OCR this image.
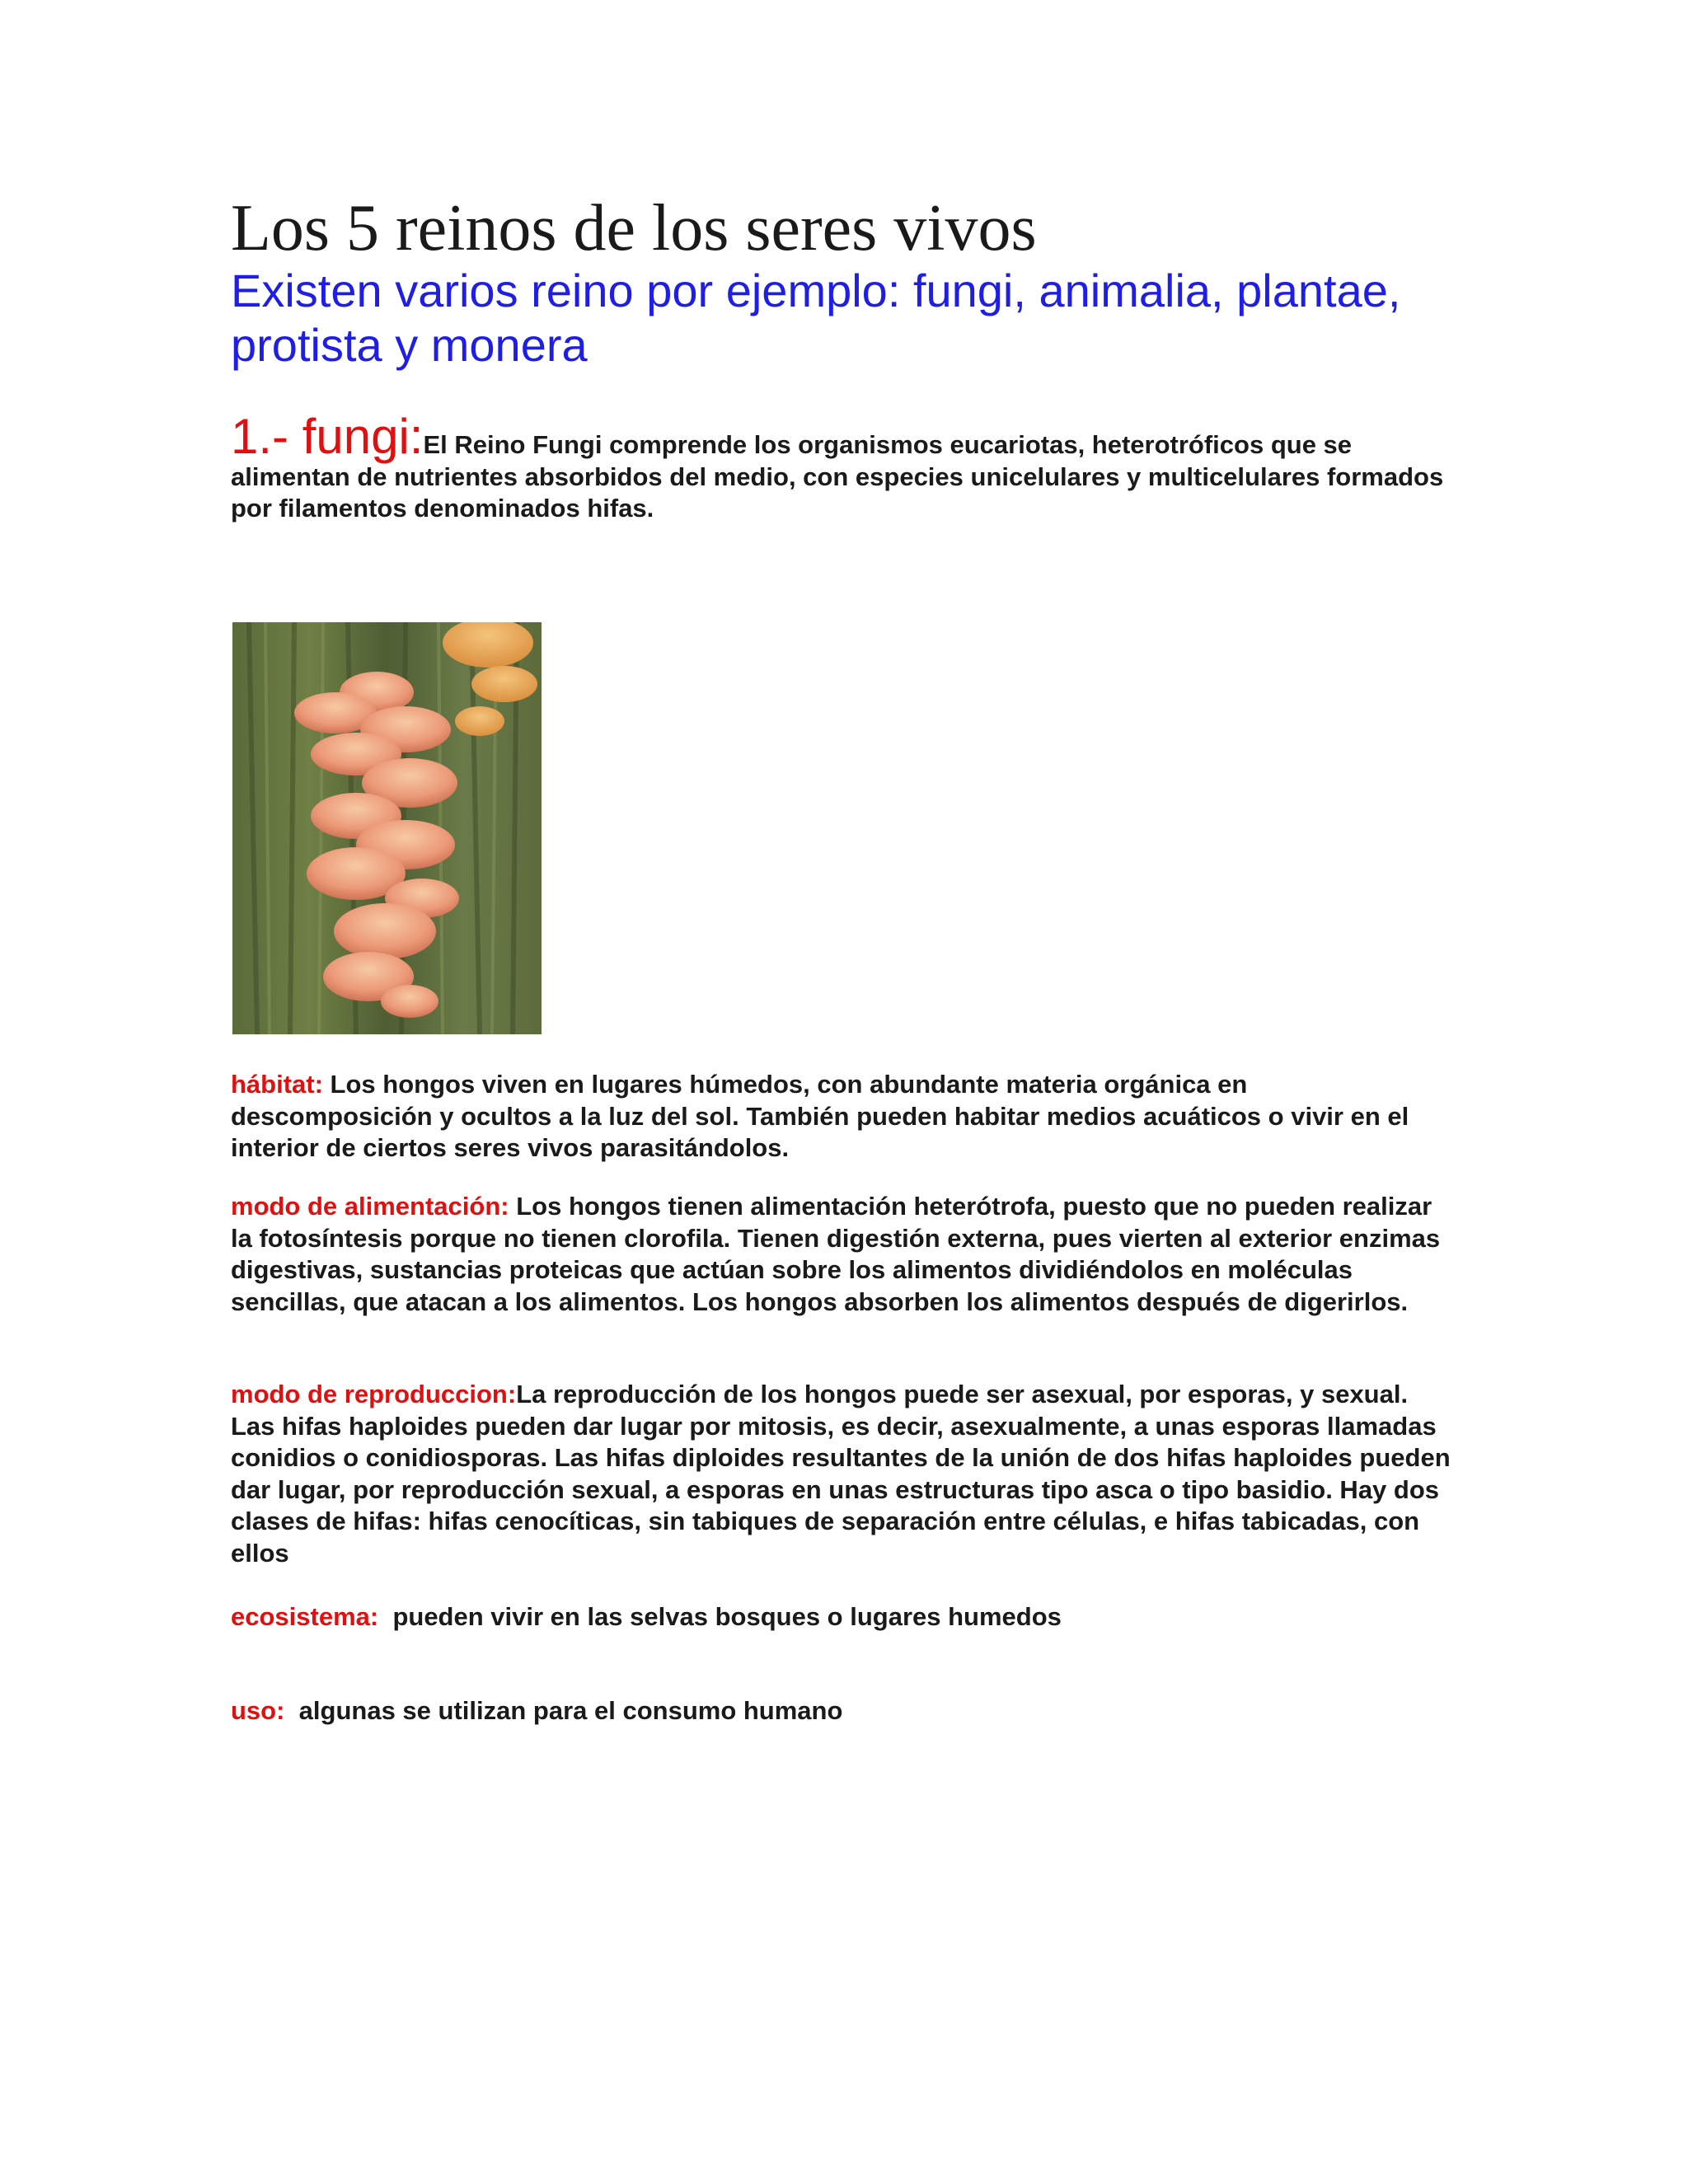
Los 5 reinos de los seres vivos

Existen varios reino por ejemplo: fungi, animalia, plantae, protista y monera

1.- fungi:El Reino Fungi comprende los organismos eucariotas, heterotróficos que se alimentan de nutrientes absorbidos del medio, con especies unicelulares y multicelulares formados por filamentos denominados hifas.

hábitat: Los hongos viven en lugares húmedos, con abundante materia orgánica en descomposición y ocultos a la luz del sol. También pueden habitar medios acuáticos o vivir en el interior de ciertos seres vivos parasitándolos.

modo de alimentación: Los hongos tienen alimentación heterótrofa, puesto que no pueden realizar la fotosíntesis porque no tienen clorofila. Tienen digestión externa, pues vierten al exterior enzimas digestivas, sustancias proteicas que actúan sobre los alimentos dividiéndolos en moléculas sencillas, que atacan a los alimentos. Los hongos absorben los alimentos después de digerirlos.

modo de reproduccion:La reproducción de los hongos puede ser asexual, por esporas, y sexual. Las hifas haploides pueden dar lugar por mitosis, es decir, asexualmente, a unas esporas llamadas conidios o conidiosporas. Las hifas diploides resultantes de la unión de dos hifas haploides pueden dar lugar, por reproducción sexual, a esporas en unas estructuras tipo asca o tipo basidio. Hay dos clases de hifas: hifas cenocíticas, sin tabiques de separación entre células, e hifas tabicadas, con ellos

ecosistema:  pueden vivir en las selvas bosques o lugares humedos

uso:  algunas se utilizan para el consumo humano
